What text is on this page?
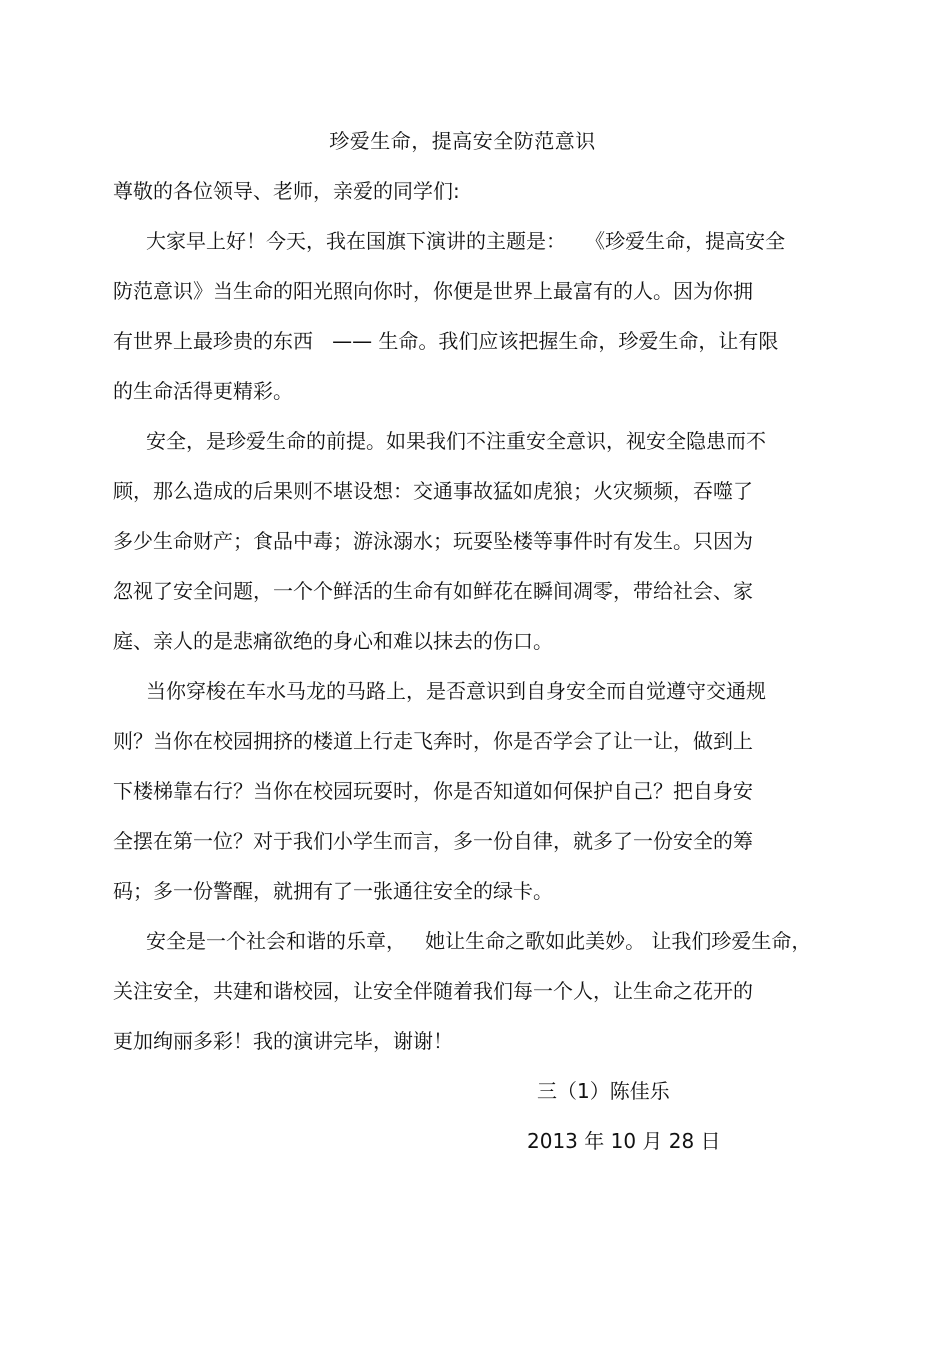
珍爱生命，提高安全防范意识
尊敬的各位领导、老师，亲爱的同学们:
大家早上好！今天，我在国旗下演讲的主题是：   《珍爱生命，提高安全
防范意识》当生命的阳光照向你时，你便是世界上最富有的人。因为你拥
有世界上最珍贵的东西   —— 生命。我们应该把握生命，珍爱生命，让有限
的生命活得更精彩。
安全，是珍爱生命的前提。如果我们不注重安全意识，视安全隐患而不
顾，那么造成的后果则不堪设想：交通事故猛如虎狼；火灾频频，吞噬了
多少生命财产；食品中毒；游泳溺水；玩耍坠楼等事件时有发生。只因为
忽视了安全问题，一个个鲜活的生命有如鲜花在瞬间凋零，带给社会、家
庭、亲人的是悲痛欲绝的身心和难以抹去的伤口。
当你穿梭在车水马龙的马路上，是否意识到自身安全而自觉遵守交通规
则？当你在校园拥挤的楼道上行走飞奔时，你是否学会了让一让，做到上
下楼梯靠右行？当你在校园玩耍时，你是否知道如何保护自己？把自身安
全摆在第一位？对于我们小学生而言，多一份自律，就多了一份安全的筹
码；多一份警醒，就拥有了一张通往安全的绿卡。
安全是一个社会和谐的乐章，   她让生命之歌如此美妙。 让我们珍爱生命，
关注安全，共建和谐校园，让安全伴随着我们每一个人，让生命之花开的
更加绚丽多彩！我的演讲完毕，谢谢！
三（1）陈佳乐
2013 年 10 月 28 日
